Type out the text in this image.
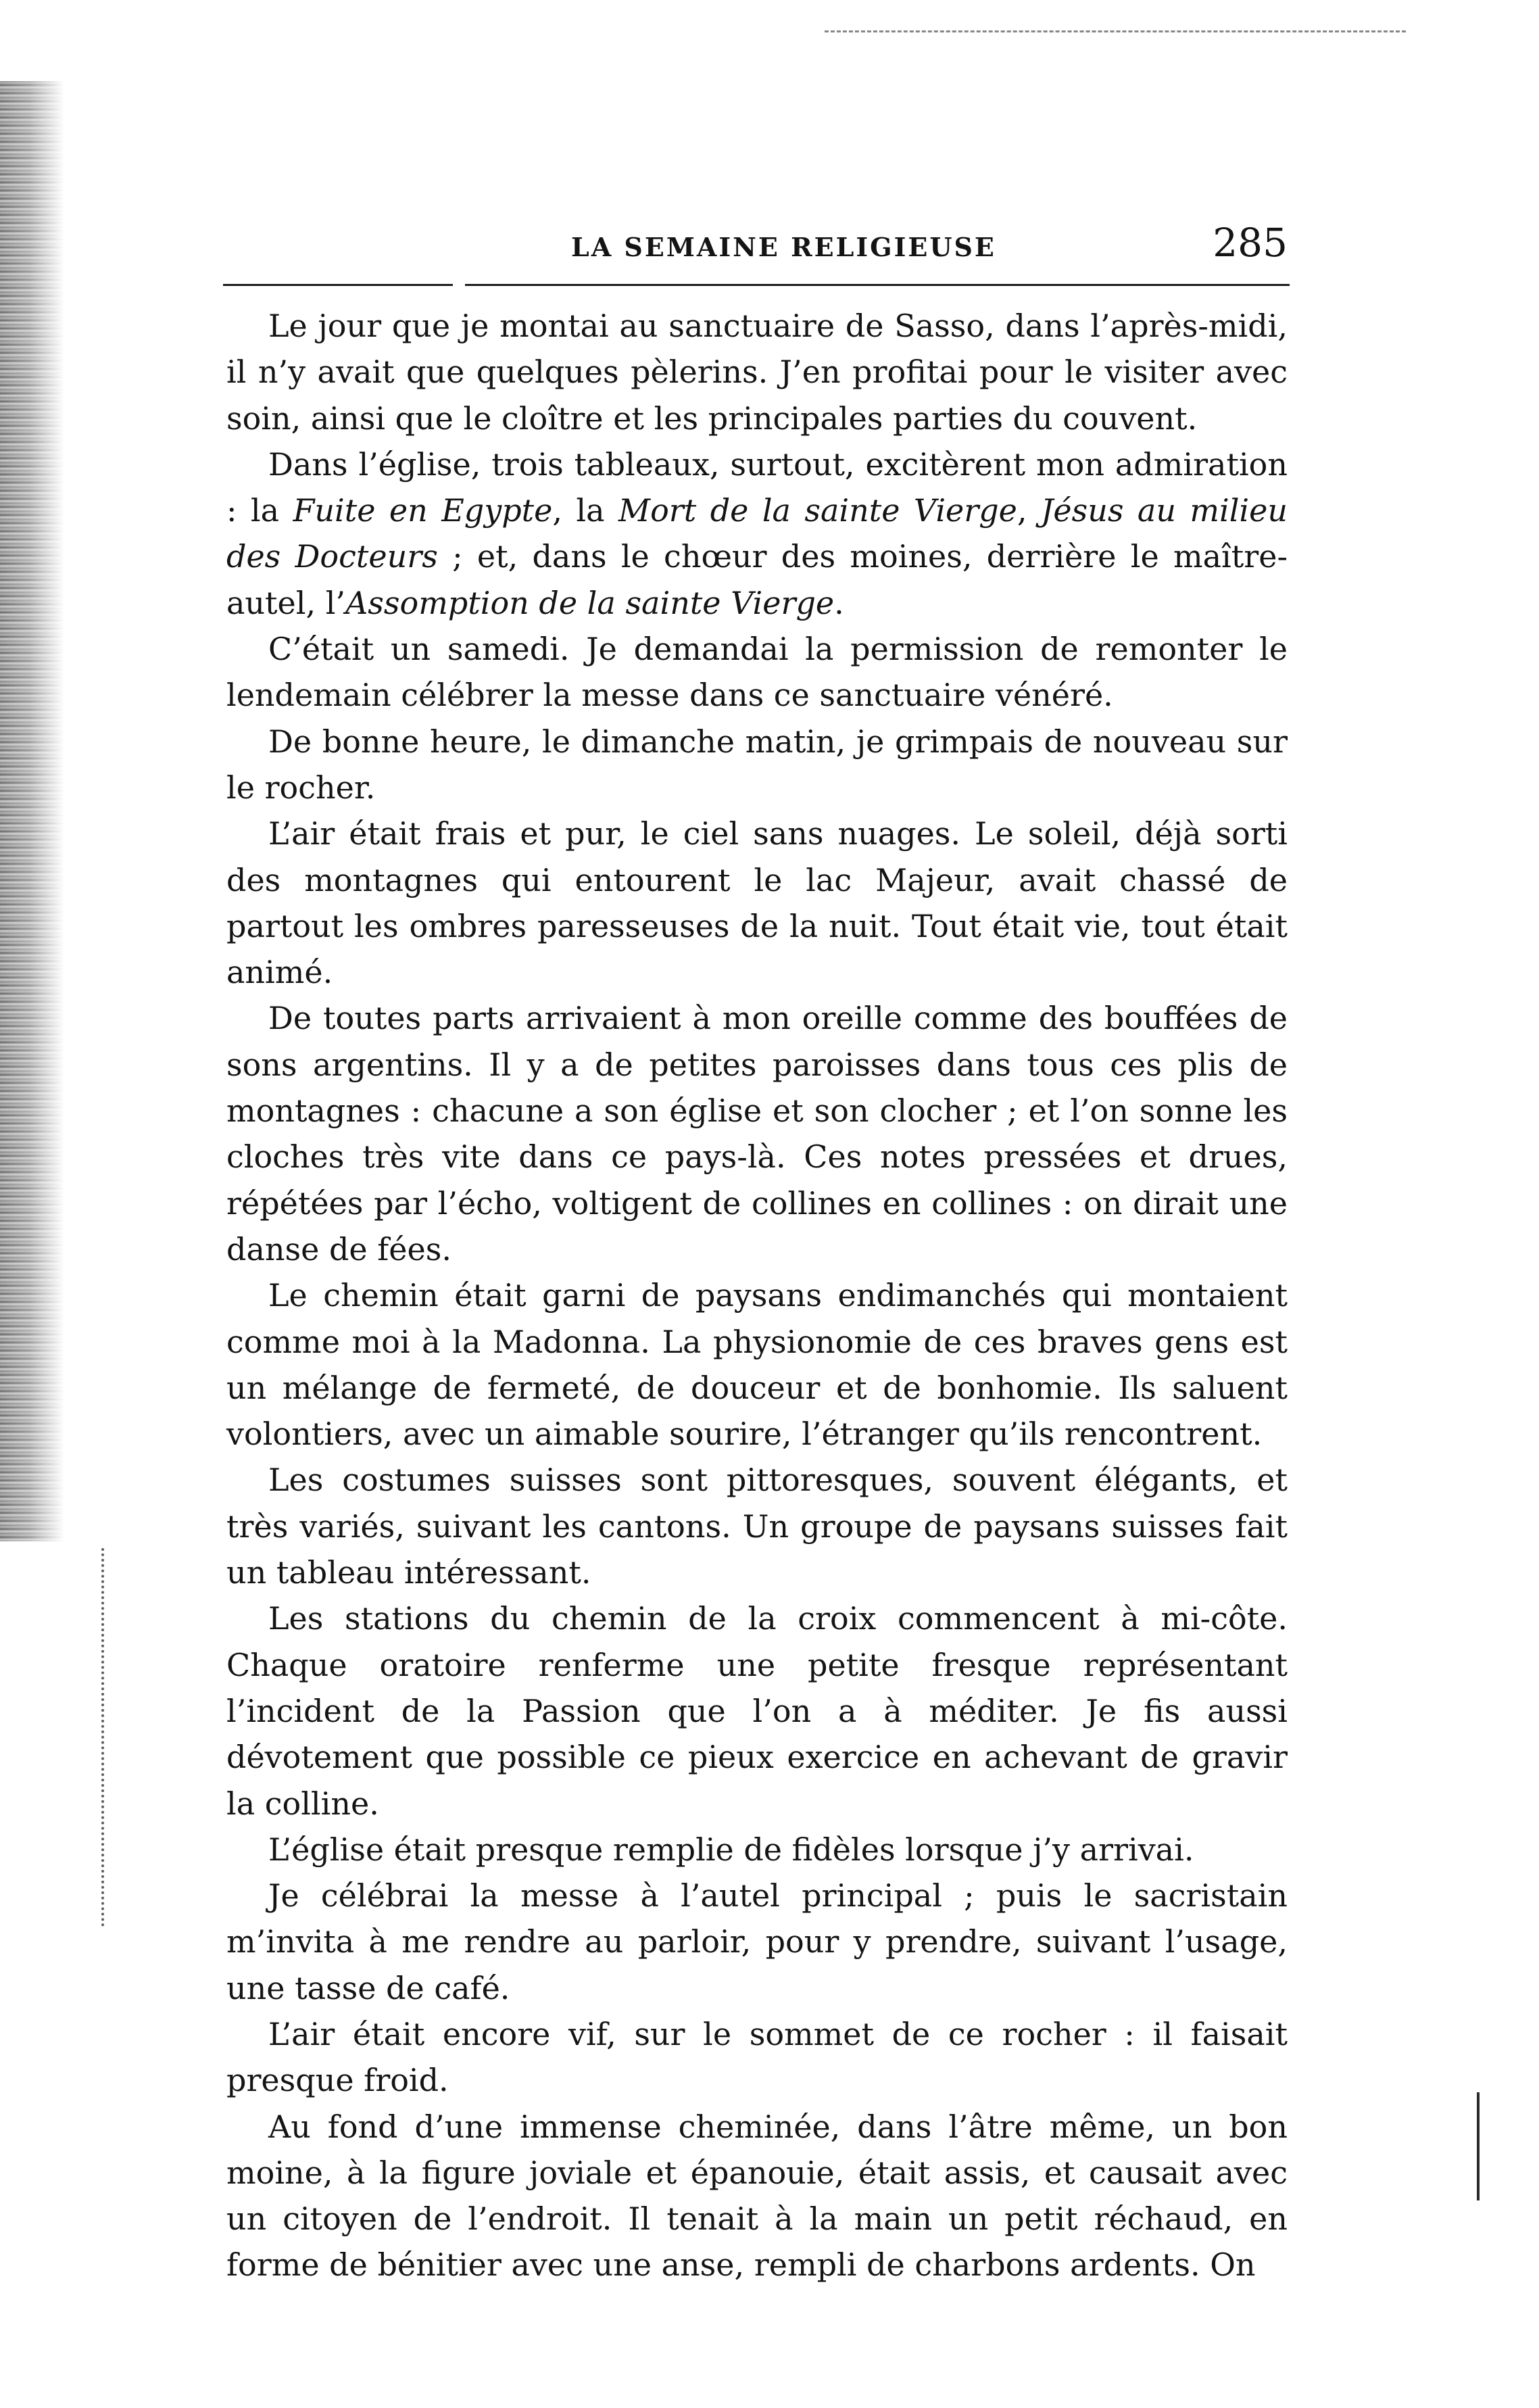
LA SEMAINE RELIGIEUSE	285

Le jour que je montai au sanctuaire de Sasso, dans l’après-midi, il n’y avait que quelques pèlerins. J’en profitai pour le visiter avec soin, ainsi que le cloître et les principales parties du couvent.

Dans l’église, trois tableaux, surtout, excitèrent mon admiration : la Fuite en Egypte, la Mort de la sainte Vierge, Jésus au milieu des Docteurs ; et, dans le chœur des moines, derrière le maître-autel, l’Assomption de la sainte Vierge.

C’était un samedi. Je demandai la permission de remonter le lendemain célébrer la messe dans ce sanctuaire vénéré.

De bonne heure, le dimanche matin, je grimpais de nouveau sur le rocher.

L’air était frais et pur, le ciel sans nuages. Le soleil, déjà sorti des montagnes qui entourent le lac Majeur, avait chassé de partout les ombres paresseuses de la nuit. Tout était vie, tout était animé.

De toutes parts arrivaient à mon oreille comme des bouffées de sons argentins. Il y a de petites paroisses dans tous ces plis de montagnes : chacune a son église et son clocher ; et l’on sonne les cloches très vite dans ce pays-là. Ces notes pressées et drues, répétées par l’écho, voltigent de collines en collines : on dirait une danse de fées.

Le chemin était garni de paysans endimanchés qui montaient comme moi à la Madonna. La physionomie de ces braves gens est un mélange de fermeté, de douceur et de bonhomie. Ils saluent volontiers, avec un aimable sourire, l’étranger qu’ils rencontrent.

Les costumes suisses sont pittoresques, souvent élégants, et très variés, suivant les cantons. Un groupe de paysans suisses fait un tableau intéressant.

Les stations du chemin de la croix commencent à mi-côte. Chaque oratoire renferme une petite fresque représentant l’incident de la Passion que l’on a à méditer. Je fis aussi dévotement que possible ce pieux exercice en achevant de gravir la colline.

L’église était presque remplie de fidèles lorsque j’y arrivai.

Je célébrai la messe à l’autel principal ; puis le sacristain m’invita à me rendre au parloir, pour y prendre, suivant l’usage, une tasse de café.

L’air était encore vif, sur le sommet de ce rocher : il faisait presque froid.

Au fond d’une immense cheminée, dans l’âtre même, un bon moine, à la figure joviale et épanouie, était assis, et causait avec un citoyen de l’endroit. Il tenait à la main un petit réchaud, en forme de bénitier avec une anse, rempli de charbons ardents. On
